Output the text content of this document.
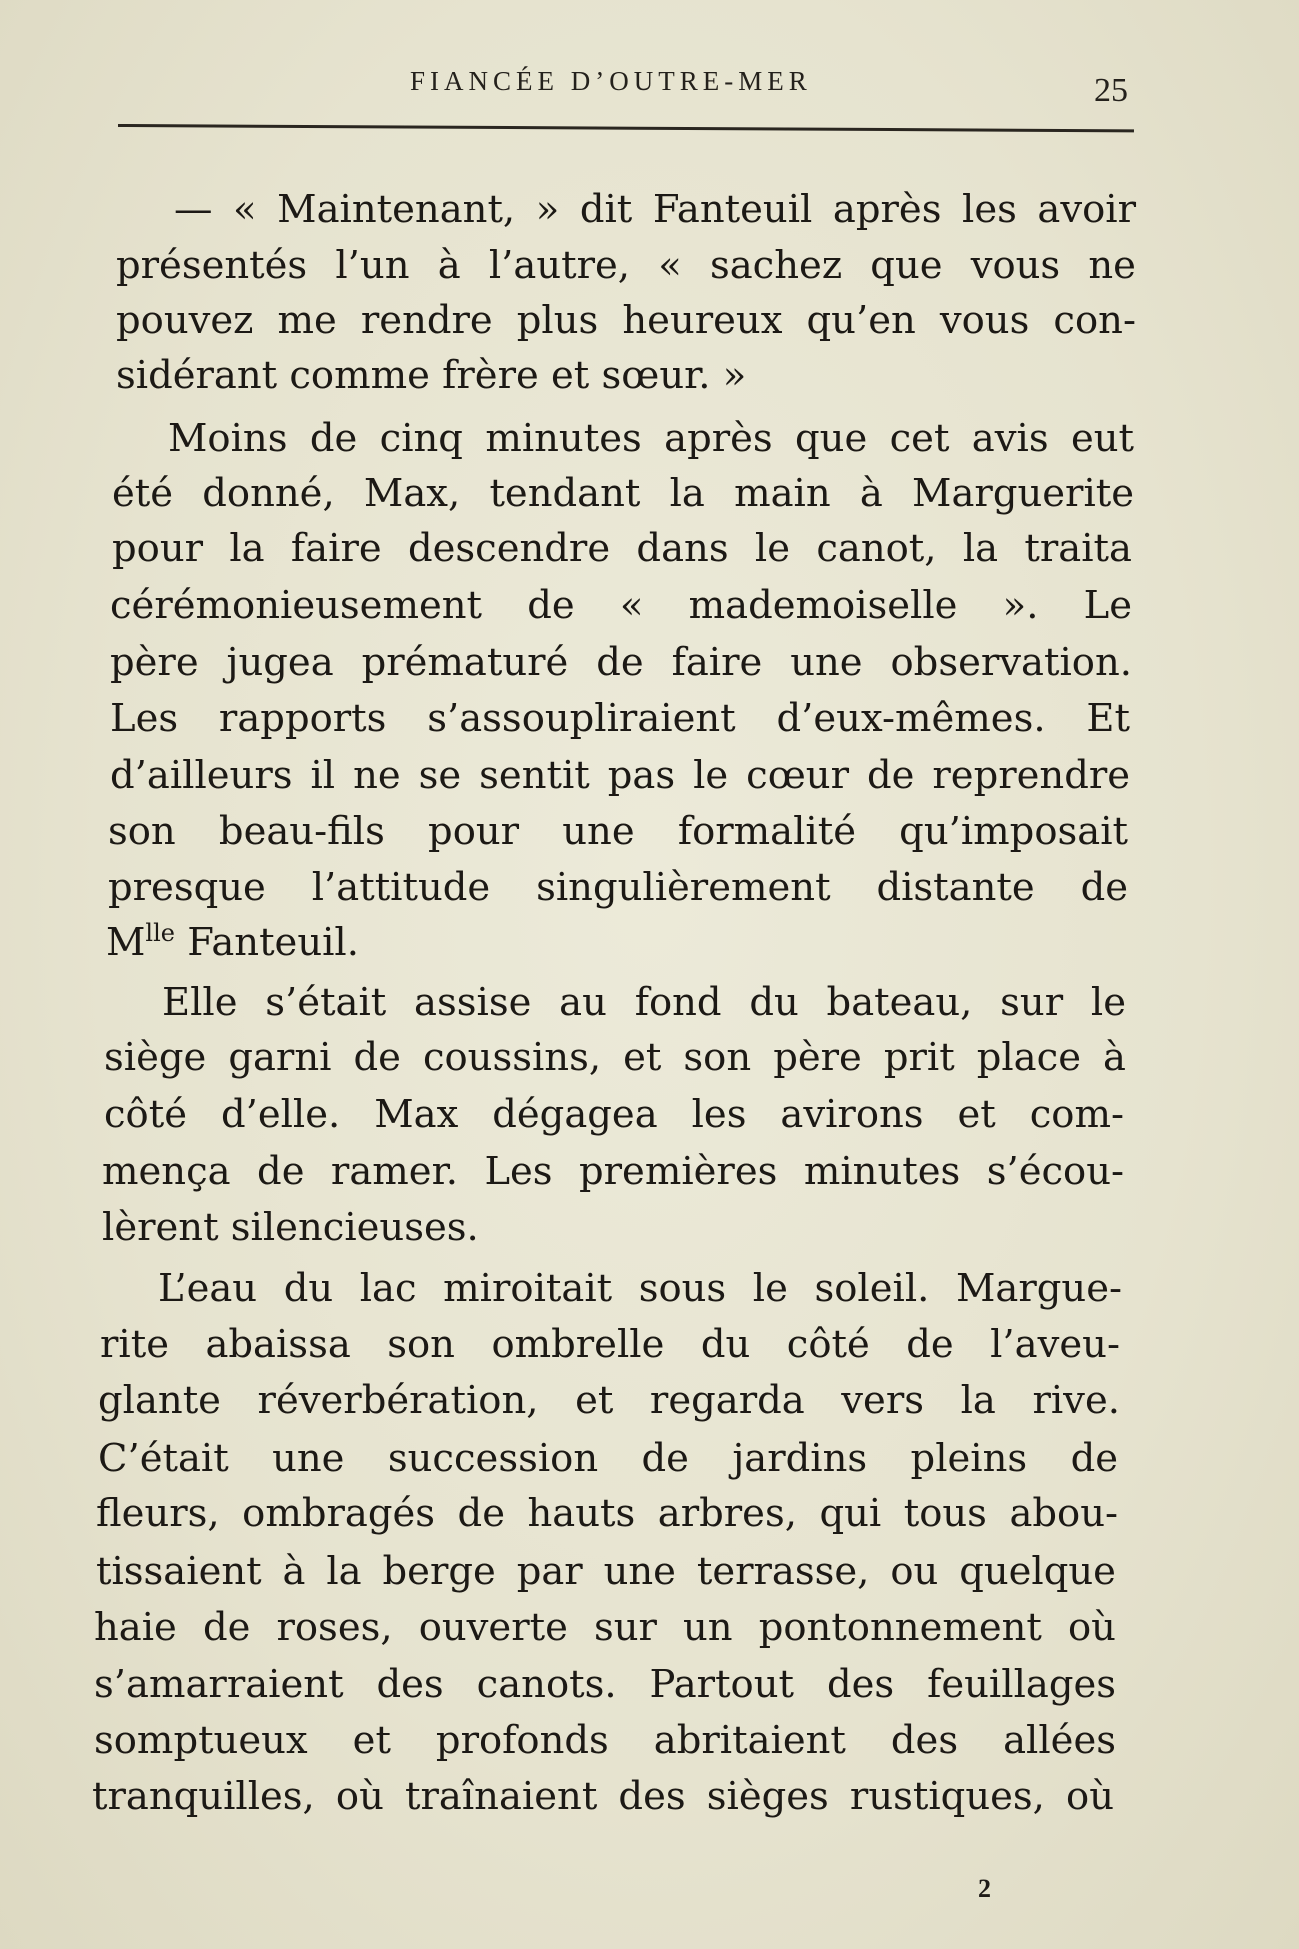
FIANCÉE D’OUTRE-MER	25
— « Maintenant, » dit Fanteuil après les avoir
présentés l’un à l’autre, « sachez que vous ne
pouvez me rendre plus heureux qu’en vous con-
sidérant comme frère et sœur. »
Moins de cinq minutes après que cet avis eut
été donné, Max, tendant la main à Marguerite
pour la faire descendre dans le canot, la traita
cérémonieusement de « mademoiselle ». Le
père jugea prématuré de faire une observation.
Les rapports s’assoupliraient d’eux-mêmes. Et
d’ailleurs il ne se sentit pas le cœur de reprendre
son beau-fils pour une formalité qu’imposait
presque l’attitude singulièrement distante de
$M^{lle}$ Fanteuil.
Elle s’était assise au fond du bateau, sur le
siège garni de coussins, et son père prit place à
côté d’elle. Max dégagea les avirons et com-
mença de ramer. Les premières minutes s’écou-
lèrent silencieuses.
L’eau du lac miroitait sous le soleil. Margue-
rite abaissa son ombrelle du côté de l’aveu-
glante réverbération, et regarda vers la rive.
C’était une succession de jardins pleins de
fleurs, ombragés de hauts arbres, qui tous abou-
tissaient à la berge par une terrasse, ou quelque
haie de roses, ouverte sur un pontonnement où
s’amarraient des canots. Partout des feuillages
somptueux et profonds abritaient des allées
tranquilles, où traînaient des sièges rustiques, où
2
